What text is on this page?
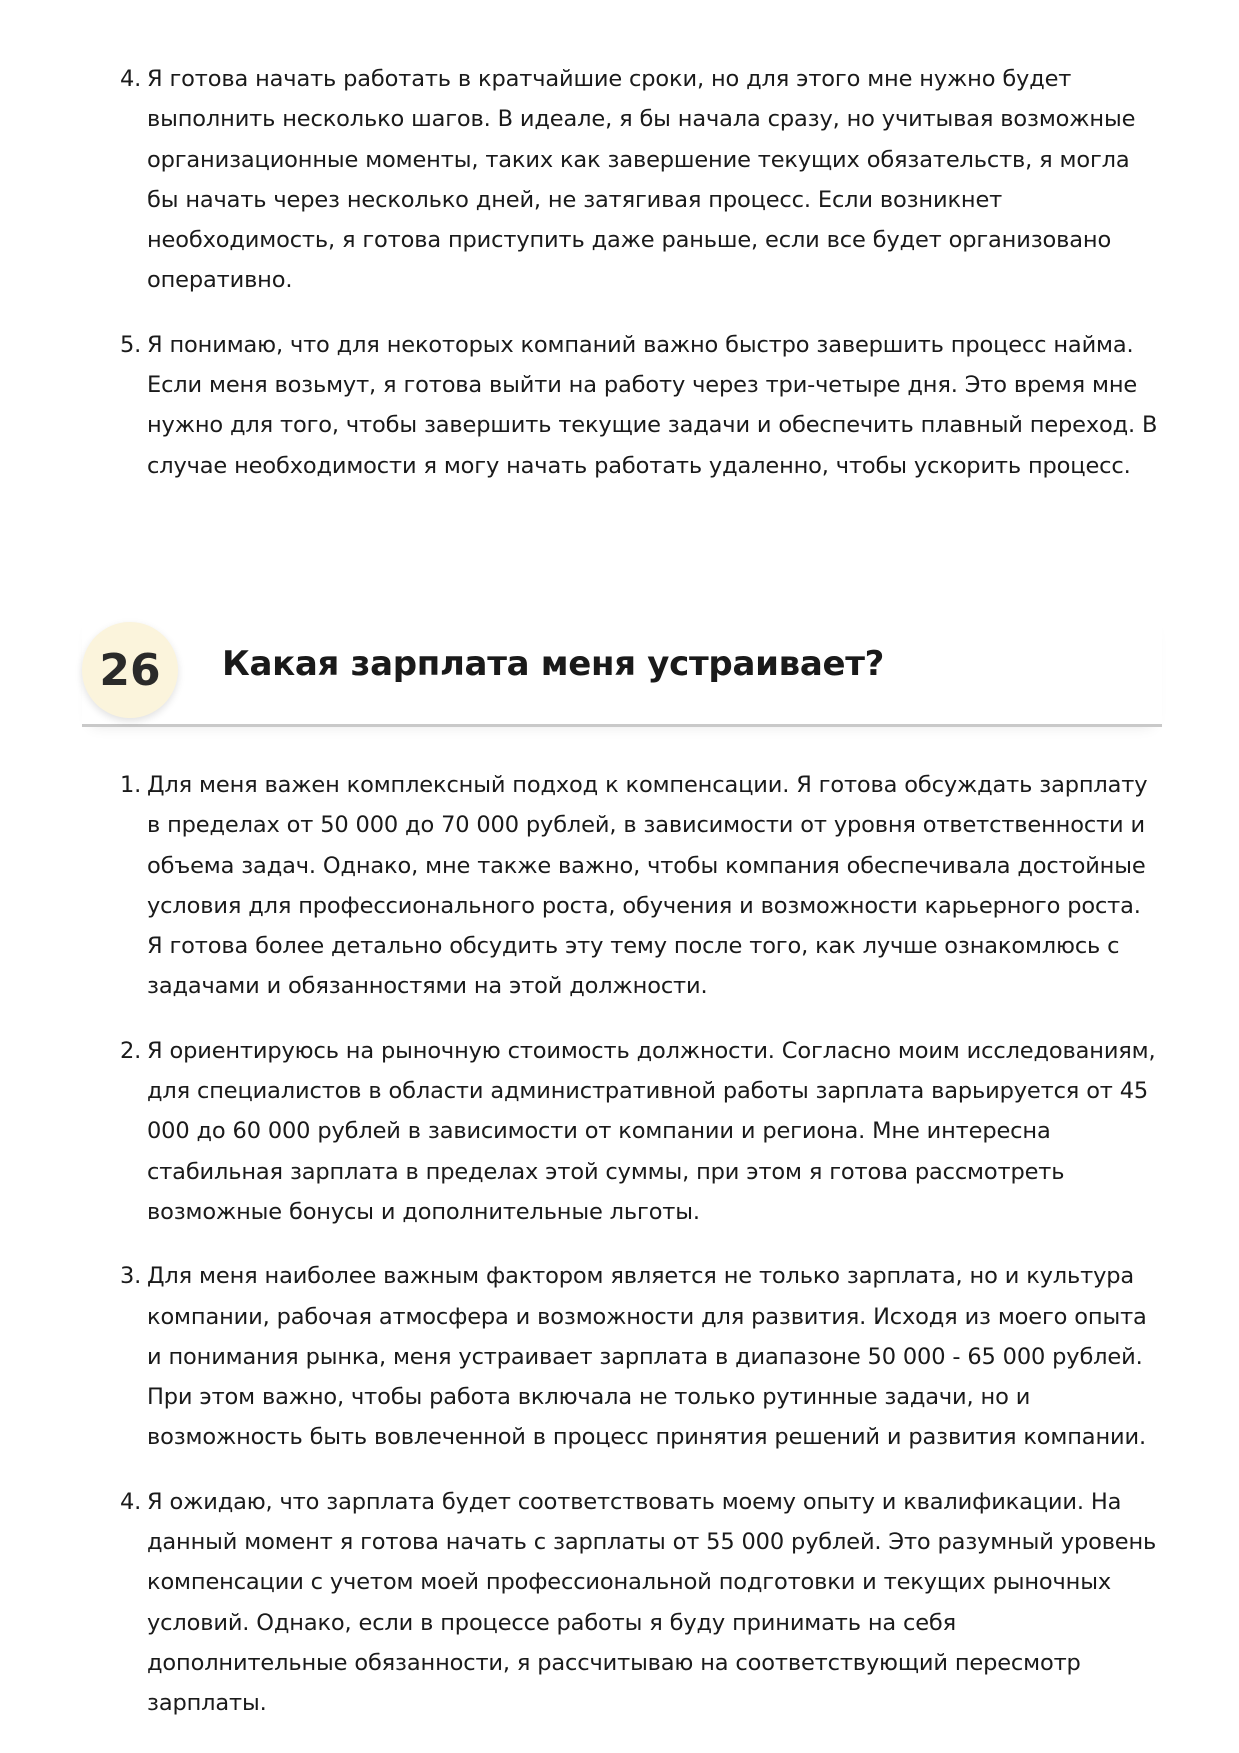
4. Я готова начать работать в кратчайшие сроки, но для этого мне нужно будет выполнить несколько шагов. В идеале, я бы начала сразу, но учитывая возможные организационные моменты, таких как завершение текущих обязательств, я могла бы начать через несколько дней, не затягивая процесс. Если возникнет необходимость, я готова приступить даже раньше, если все будет организовано оперативно.
5. Я понимаю, что для некоторых компаний важно быстро завершить процесс найма. Если меня возьмут, я готова выйти на работу через три-четыре дня. Это время мне нужно для того, чтобы завершить текущие задачи и обеспечить плавный переход. В случае необходимости я могу начать работать удаленно, чтобы ускорить процесс.
26	Какая зарплата меня устраивает?
1. Для меня важен комплексный подход к компенсации. Я готова обсуждать зарплату в пределах от 50 000 до 70 000 рублей, в зависимости от уровня ответственности и объема задач. Однако, мне также важно, чтобы компания обеспечивала достойные условия для профессионального роста, обучения и возможности карьерного роста. Я готова более детально обсудить эту тему после того, как лучше ознакомлюсь с задачами и обязанностями на этой должности.
2. Я ориентируюсь на рыночную стоимость должности. Согласно моим исследованиям, для специалистов в области административной работы зарплата варьируется от 45 000 до 60 000 рублей в зависимости от компании и региона. Мне интересна стабильная зарплата в пределах этой суммы, при этом я готова рассмотреть возможные бонусы и дополнительные льготы.
3. Для меня наиболее важным фактором является не только зарплата, но и культура компании, рабочая атмосфера и возможности для развития. Исходя из моего опыта и понимания рынка, меня устраивает зарплата в диапазоне 50 000 - 65 000 рублей. При этом важно, чтобы работа включала не только рутинные задачи, но и возможность быть вовлеченной в процесс принятия решений и развития компании.
4. Я ожидаю, что зарплата будет соответствовать моему опыту и квалификации. На данный момент я готова начать с зарплаты от 55 000 рублей. Это разумный уровень компенсации с учетом моей профессиональной подготовки и текущих рыночных условий. Однако, если в процессе работы я буду принимать на себя дополнительные обязанности, я рассчитываю на соответствующий пересмотр зарплаты.
